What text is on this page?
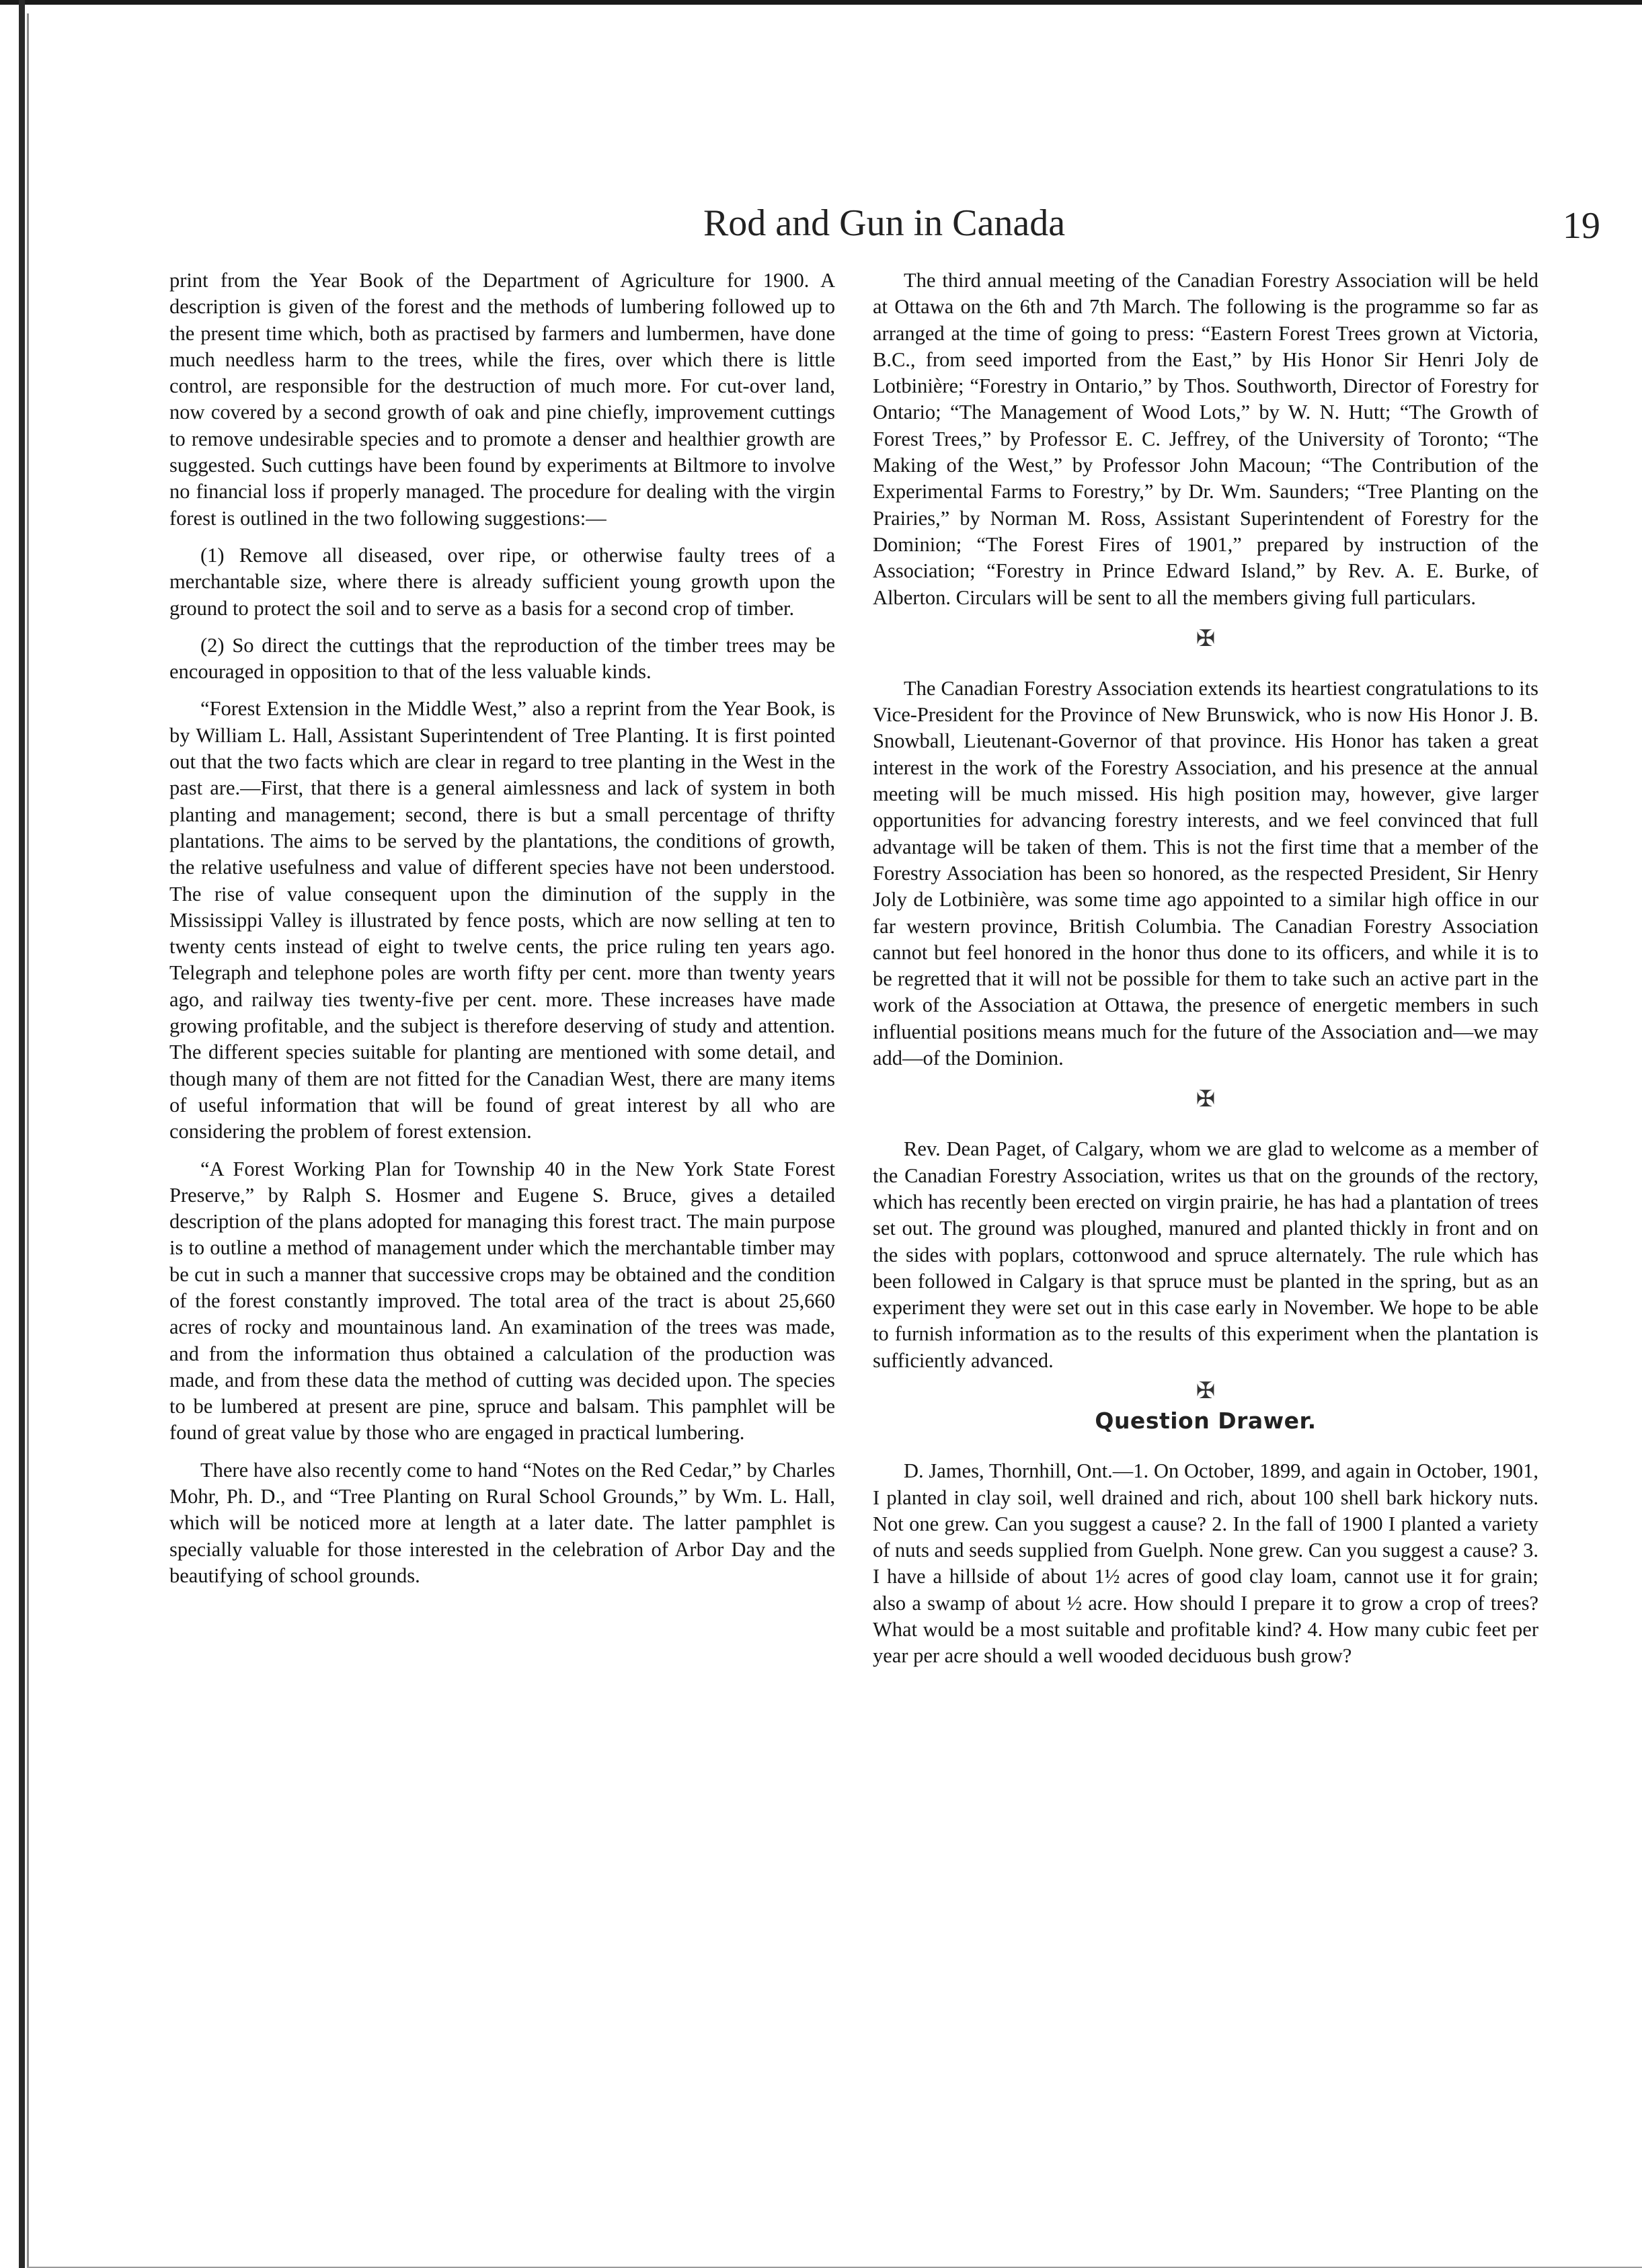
Rod and Gun in Canada	19

print from the Year Book of the Department of Agriculture for 1900. A description is given of the forest and the methods of lumbering followed up to the present time which, both as practised by farmers and lumbermen, have done much needless harm to the trees, while the fires, over which there is little control, are responsible for the destruction of much more. For cut-over land, now covered by a second growth of oak and pine chiefly, improvement cuttings to remove undesirable species and to promote a denser and healthier growth are suggested. Such cuttings have been found by experiments at Biltmore to involve no financial loss if properly managed. The procedure for dealing with the virgin forest is outlined in the two following suggestions:—

(1) Remove all diseased, over ripe, or otherwise faulty trees of a merchantable size, where there is already sufficient young growth upon the ground to protect the soil and to serve as a basis for a second crop of timber.

(2) So direct the cuttings that the reproduction of the timber trees may be encouraged in opposition to that of the less valuable kinds.

“Forest Extension in the Middle West,” also a reprint from the Year Book, is by William L. Hall, Assistant Superintendent of Tree Planting. It is first pointed out that the two facts which are clear in regard to tree planting in the West in the past are.—First, that there is a general aimlessness and lack of system in both planting and management; second, there is but a small percentage of thrifty plantations. The aims to be served by the plantations, the conditions of growth, the relative usefulness and value of different species have not been understood. The rise of value consequent upon the diminution of the supply in the Mississippi Valley is illustrated by fence posts, which are now selling at ten to twenty cents instead of eight to twelve cents, the price ruling ten years ago. Telegraph and telephone poles are worth fifty per cent. more than twenty years ago, and railway ties twenty-five per cent. more. These increases have made growing profitable, and the subject is therefore deserving of study and attention. The different species suitable for planting are mentioned with some detail, and though many of them are not fitted for the Canadian West, there are many items of useful information that will be found of great interest by all who are considering the problem of forest extension.

“A Forest Working Plan for Township 40 in the New York State Forest Preserve,” by Ralph S. Hosmer and Eugene S. Bruce, gives a detailed description of the plans adopted for managing this forest tract. The main purpose is to outline a method of management under which the merchantable timber may be cut in such a manner that successive crops may be obtained and the condition of the forest constantly improved. The total area of the tract is about 25,660 acres of rocky and mountainous land. An examination of the trees was made, and from the information thus obtained a calculation of the production was made, and from these data the method of cutting was decided upon. The species to be lumbered at present are pine, spruce and balsam. This pamphlet will be found of great value by those who are engaged in practical lumbering.

There have also recently come to hand “Notes on the Red Cedar,” by Charles Mohr, Ph. D., and “Tree Planting on Rural School Grounds,” by Wm. L. Hall, which will be noticed more at length at a later date. The latter pamphlet is specially valuable for those interested in the celebration of Arbor Day and the beautifying of school grounds.

The third annual meeting of the Canadian Forestry Association will be held at Ottawa on the 6th and 7th March. The following is the programme so far as arranged at the time of going to press: “Eastern Forest Trees grown at Victoria, B.C., from seed imported from the East,” by His Honor Sir Henri Joly de Lotbinière; “Forestry in Ontario,” by Thos. Southworth, Director of Forestry for Ontario; “The Management of Wood Lots,” by W. N. Hutt; “The Growth of Forest Trees,” by Professor E. C. Jeffrey, of the University of Toronto; “The Making of the West,” by Professor John Macoun; “The Contribution of the Experimental Farms to Forestry,” by Dr. Wm. Saunders; “Tree Planting on the Prairies,” by Norman M. Ross, Assistant Superintendent of Forestry for the Dominion; “The Forest Fires of 1901,” prepared by instruction of the Association; “Forestry in Prince Edward Island,” by Rev. A. E. Burke, of Alberton. Circulars will be sent to all the members giving full particulars.

✠

The Canadian Forestry Association extends its heartiest congratulations to its Vice-President for the Province of New Brunswick, who is now His Honor J. B. Snowball, Lieutenant-Governor of that province. His Honor has taken a great interest in the work of the Forestry Association, and his presence at the annual meeting will be much missed. His high position may, however, give larger opportunities for advancing forestry interests, and we feel convinced that full advantage will be taken of them. This is not the first time that a member of the Forestry Association has been so honored, as the respected President, Sir Henry Joly de Lotbinière, was some time ago appointed to a similar high office in our far western province, British Columbia. The Canadian Forestry Association cannot but feel honored in the honor thus done to its officers, and while it is to be regretted that it will not be possible for them to take such an active part in the work of the Association at Ottawa, the presence of energetic members in such influential positions means much for the future of the Association and—we may add—of the Dominion.

✠

Rev. Dean Paget, of Calgary, whom we are glad to welcome as a member of the Canadian Forestry Association, writes us that on the grounds of the rectory, which has recently been erected on virgin prairie, he has had a plantation of trees set out. The ground was ploughed, manured and planted thickly in front and on the sides with poplars, cottonwood and spruce alternately. The rule which has been followed in Calgary is that spruce must be planted in the spring, but as an experiment they were set out in this case early in November. We hope to be able to furnish information as to the results of this experiment when the plantation is sufficiently advanced.

✠
Question Drawer.

D. James, Thornhill, Ont.—1. On October, 1899, and again in October, 1901, I planted in clay soil, well drained and rich, about 100 shell bark hickory nuts. Not one grew. Can you suggest a cause? 2. In the fall of 1900 I planted a variety of nuts and seeds supplied from Guelph. None grew. Can you suggest a cause? 3. I have a hillside of about 1½ acres of good clay loam, cannot use it for grain; also a swamp of about ½ acre. How should I prepare it to grow a crop of trees? What would be a most suitable and profitable kind? 4. How many cubic feet per year per acre should a well wooded deciduous bush grow?
